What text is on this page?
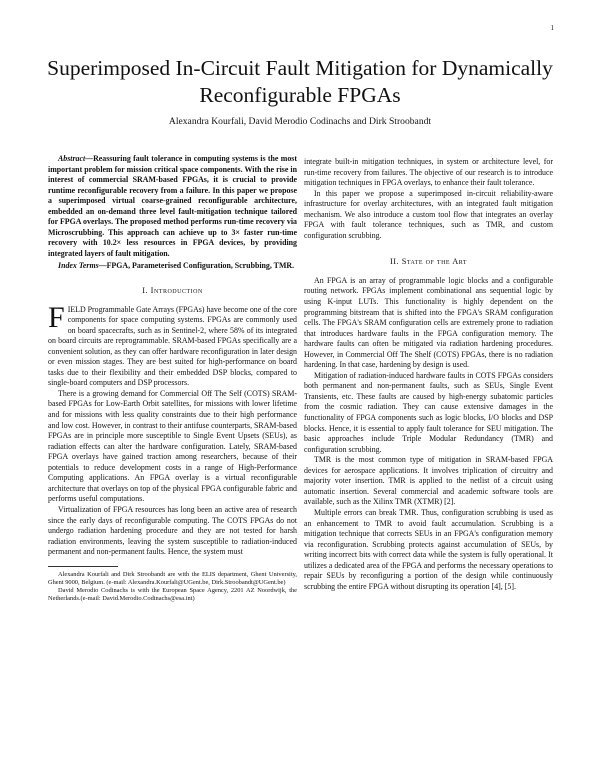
1
Superimposed In-Circuit Fault Mitigation for Dynamically Reconfigurable FPGAs
Alexandra Kourfali, David Merodio Codinachs and Dirk Stroobandt

Abstract—Reassuring fault tolerance in computing systems is the most important problem for mission critical space components. With the rise in interest of commercial SRAM-based FPGAs, it is crucial to provide runtime reconfigurable recovery from a failure. In this paper we propose a superimposed virtual coarse-grained reconfigurable architecture, embedded an on-demand three level fault-mitigation technique tailored for FPGA overlays. The proposed method performs run-time recovery via Microscrubbing. This approach can achieve up to 3× faster run-time recovery with 10.2× less resources in FPGA devices, by providing integrated layers of fault mitigation.

Index Terms—FPGA, Parameterised Configuration, Scrubbing, TMR.

I. Introduction

FIELD Programmable Gate Arrays (FPGAs) have become one of the core components for space computing systems. FPGAs are commonly used on board spacecrafts, such as in Sentinel-2, where 58% of its integrated on board circuits are reprogrammable. SRAM-based FPGAs specifically are a convenient solution, as they can offer hardware reconfiguration in later design or even mission stages. They are best suited for high-performance on board tasks due to their flexibility and their embedded DSP blocks, compared to single-board computers and DSP processors.

There is a growing demand for Commercial Off The Self (COTS) SRAM-based FPGAs for Low-Earth Orbit satellites, for missions with lower lifetime and for missions with less quality constraints due to their high performance and low cost. However, in contrast to their antifuse counterparts, SRAM-based FPGAs are in principle more susceptible to Single Event Upsets (SEUs), as radiation effects can alter the hardware configuration. Lately, SRAM-based FPGA overlays have gained traction among researchers, because of their potentials to reduce development costs in a range of High-Performance Computing applications. An FPGA overlay is a virtual reconfigurable architecture that overlays on top of the physical FPGA configurable fabric and performs useful computations.

Virtualization of FPGA resources has long been an active area of research since the early days of reconfigurable computing. The COTS FPGAs do not undergo radiation hardening procedure and they are not tested for harsh radiation environments, leaving the system susceptible to radiation-induced permanent and non-permanent faults. Hence, the system must

Alexandra Kourfali and Dirk Stroobandt are with the ELIS department, Ghent University, Ghent 9000, Belgium. (e-mail: Alexandra.Kourfali@UGent.be, Dirk.Stroobandt@UGent.be)

David Merodio Codinachs is with the European Space Agency, 2201 AZ Noordwijk, the Netherlands.(e-mail: David.Merodio.Codinachs@esa.int)

integrate built-in mitigation techniques, in system or architecture level, for run-time recovery from failures. The objective of our research is to introduce mitigation techniques in FPGA overlays, to enhance their fault tolerance.

In this paper we propose a superimposed in-circuit reliability-aware infrastructure for overlay architectures, with an integrated fault mitigation mechanism. We also introduce a custom tool flow that integrates an overlay FPGA with fault tolerance techniques, such as TMR, and custom configuration scrubbing.

II. State of the Art

An FPGA is an array of programmable logic blocks and a configurable routing network. FPGAs implement combinational ans sequential logic by using K-input LUTs. This functionality is highly dependent on the programming bitstream that is shifted into the FPGA's SRAM configuration cells. The FPGA's SRAM configuration cells are extremely prone to radiation that introduces hardware faults in the FPGA configuration memory. The hardware faults can often be mitigated via radiation hardening procedures. However, in Commercial Off The Shelf (COTS) FPGAs, there is no radiation hardening. In that case, hardening by design is used.

Mitigation of radiation-induced hardware faults in COTS FPGAs considers both permanent and non-permanent faults, such as SEUs, Single Event Transients, etc. These faults are caused by high-energy subatomic particles from the cosmic radiation. They can cause extensive damages in the functionality of FPGA components such as logic blocks, I/O blocks and DSP blocks. Hence, it is essential to apply fault tolerance for SEU mitigation. The basic approaches include Triple Modular Redundancy (TMR) and configuration scrubbing.

TMR is the most common type of mitigation in SRAM-based FPGA devices for aerospace applications. It involves triplication of circuitry and majority voter insertion. TMR is applied to the netlist of a circuit using automatic insertion. Several commercial and academic software tools are available, such as the Xilinx TMR (XTMR) [2].

Multiple errors can break TMR. Thus, configuration scrubbing is used as an enhancement to TMR to avoid fault accumulation. Scrubbing is a mitigation technique that corrects SEUs in an FPGA's configuration memory via reconfiguration. Scrubbing protects against accumulation of SEUs, by writing incorrect bits with correct data while the system is fully operational. It utilizes a dedicated area of the FPGA and performs the necessary operations to repair SEUs by reconfiguring a portion of the design while continuously scrubbing the entire FPGA without disrupting its operation [4], [5].
